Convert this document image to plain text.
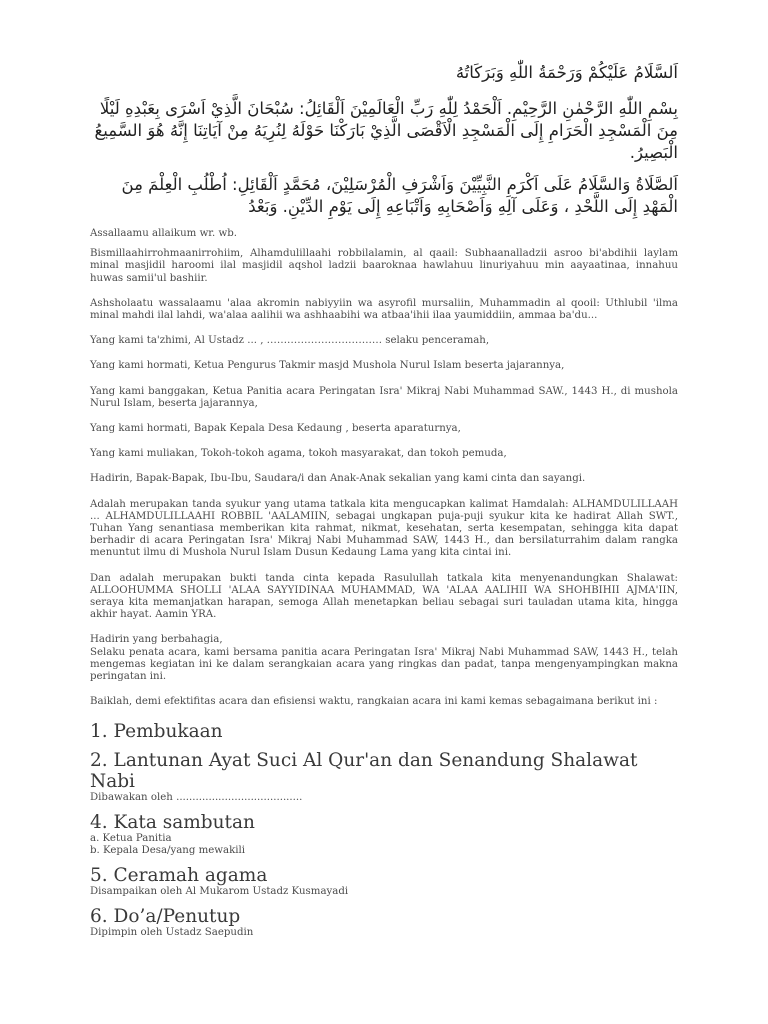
اَلسَّلَامُ عَلَيْكُمْ وَرَحْمَةُ اللّٰهِ وَبَرَكَاتُهُ

بِسْمِ اللّٰهِ الرَّحْمٰنِ الرَّحِيْمِ. اَلْحَمْدُ لِلّٰهِ رَبِّ الْعَالَمِيْنَ اَلْقَائِلُ: سُبْحَانَ الَّذِيْ اَسْرَى بِعَبْدِهِ لَيْلًا مِنَ الْمَسْجِدِ الْحَرَامِ إِلَى الْمَسْجِدِ الْاَقْصَى الَّذِيْ بَارَكْنَا حَوْلَهُ لِنُرِيَهُ مِنْ آيَاتِنَا إِنَّهُ هُوَ السَّمِيعُ الْبَصِيرُ.

اَلصَّلَاةُ وَالسَّلَامُ عَلَى اَكْرَمِ النَّبِيِّيْنَ وَاَشْرَفِ الْمُرْسَلِيْنَ، مُحَمَّدٍ اَلْقَائِلِ: اُطْلُبِ الْعِلْمَ مِنَ الْمَهْدِ إِلَى اللَّحْدِ ، وَعَلَى آلِهِ وَاَصْحَابِهِ وَاَتْبَاعِهِ إِلَى يَوْمِ الدِّيْنِ. وَبَعْدُ

Assallaamu allaikum wr. wb.

Bismillaahirrohmaanirrohiim, Alhamdulillaahi robbilalamin, al qaail: Subhaanalladzii asroo bi'abdihii laylam minal masjidil haroomi ilal masjidil aqshol ladzii baaroknaa hawlahuu linuriyahuu min aayaatinaa, innahuu huwas samii'ul bashiir.

Ashsholaatu wassalaamu 'alaa akromin nabiyyiin wa asyrofil mursaliin, Muhammadin al qooil: Uthlubil 'ilma minal mahdi ilal lahdi, wa'alaa aalihii wa ashhaabihi wa atbaa'ihii ilaa yaumiddiin, ammaa ba'du...

Yang kami ta'zhimi, Al Ustadz ... , ……………………………. selaku penceramah,

Yang kami hormati, Ketua Pengurus Takmir masjd Mushola Nurul Islam beserta jajarannya,

Yang kami banggakan, Ketua Panitia acara Peringatan Isra' Mikraj Nabi Muhammad SAW., 1443 H., di mushola Nurul Islam, beserta jajarannya,

Yang kami hormati, Bapak Kepala Desa Kedaung , beserta aparaturnya,

Yang kami muliakan, Tokoh-tokoh agama, tokoh masyarakat, dan tokoh pemuda,

Hadirin, Bapak-Bapak, Ibu-Ibu, Saudara/i dan Anak-Anak sekalian yang kami cinta dan sayangi.

Adalah merupakan tanda syukur yang utama tatkala kita mengucapkan kalimat Hamdalah: ALHAMDULILLAAH ... ALHAMDULILLAAHI ROBBIL 'AALAMIIN, sebagai ungkapan puja-puji syukur kita ke hadirat Allah SWT., Tuhan Yang senantiasa memberikan kita rahmat, nikmat, kesehatan, serta kesempatan, sehingga kita dapat berhadir di acara Peringatan Isra' Mikraj Nabi Muhammad SAW, 1443 H., dan bersilaturrahim dalam rangka menuntut ilmu di Mushola Nurul Islam Dusun Kedaung Lama yang kita cintai ini.

Dan adalah merupakan bukti tanda cinta kepada Rasulullah tatkala kita menyenandungkan Shalawat: ALLOOHUMMA SHOLLI 'ALAA SAYYIDINAA MUHAMMAD, WA 'ALAA AALIHII WA SHOHBIHII AJMA'IIN, seraya kita memanjatkan harapan, semoga Allah menetapkan beliau sebagai suri tauladan utama kita, hingga akhir hayat. Aamin YRA.

Hadirin yang berbahagia,

Selaku penata acara, kami bersama panitia acara Peringatan Isra' Mikraj Nabi Muhammad SAW, 1443 H., telah mengemas kegiatan ini ke dalam serangkaian acara yang ringkas dan padat, tanpa mengenyampingkan makna peringatan ini.

Baiklah, demi efektifitas acara dan efisiensi waktu, rangkaian acara ini kami kemas sebagaimana berikut ini :

1. Pembukaan
2. Lantunan Ayat Suci Al Qur'an dan Senandung Shalawat Nabi
Dibawakan oleh .......................................
4. Kata sambutan
a. Ketua Panitia
b. Kepala Desa/yang mewakili
5. Ceramah agama
Disampaikan oleh Al Mukarom Ustadz Kusmayadi
6. Do’a/Penutup
Dipimpin oleh Ustadz Saepudin
